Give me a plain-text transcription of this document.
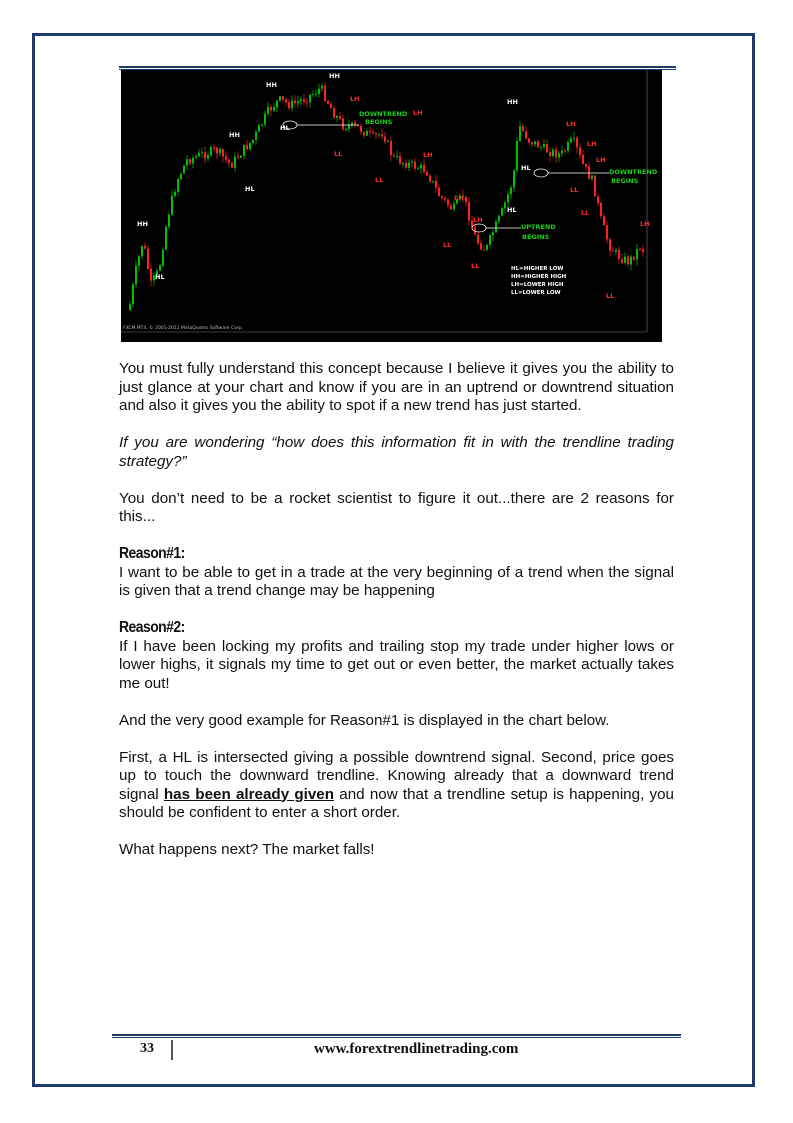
HH
HH
HL
HH
HL
HH
HL
LH
LH
LL
LL
LH
LH
LL
LH
LL
HH
HL
HL
LH
LH
LH
LL
LL
LH
LL
DOWNTREND
BEGINS
DOWNTREND
BEGINS
UPTREND
BEGINS
HL=HIGHER LOW
HH=HIGHER HIGH
LH=LOWER HIGH
LL=LOWER LOW
FXCM MT4, © 2001-2011 MetaQuotes Software Corp.

You must fully understand this concept because I believe it gives you the ability to just glance at your chart and know if you are in an uptrend or downtrend situation and also it gives you the ability to spot if a new trend has just started.

If you are wondering “how does this information fit in with the trendline trading strategy?”

You don’t need to be a rocket scientist to figure it out...there are 2 reasons for this...

Reason#1:

I want to be able to get in a trade at the very beginning of a trend when the signal is given that a trend change may be happening

Reason#2:

If I have been locking my profits and trailing stop my trade under higher lows or lower highs, it signals my time to get out or even better, the market actually takes me out!

And the very good example for Reason#1 is displayed in the chart below.

First, a HL is intersected giving a possible downtrend signal. Second, price goes up to touch the downward trendline. Knowing already that a downward trend signal has been already given and now that a trendline setup is happening, you should be confident to enter a short order.

What happens next? The market falls!

33	www.forextrendlinetrading.com
